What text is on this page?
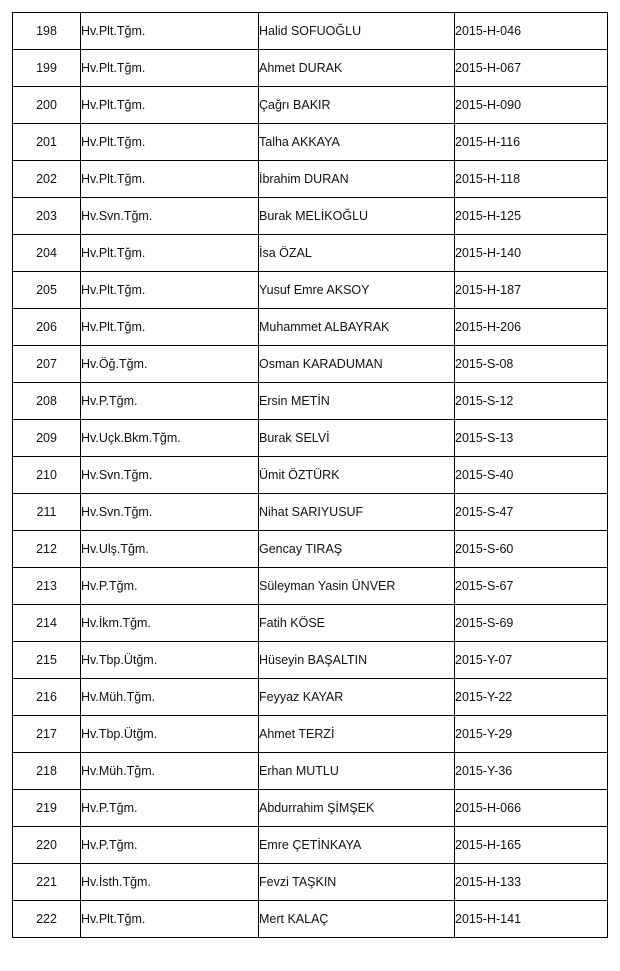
198	Hv.Plt.Tğm.	Halid SOFUOĞLU	2015-H-046
199	Hv.Plt.Tğm.	Ahmet DURAK	2015-H-067
200	Hv.Plt.Tğm.	Çağrı BAKIR	2015-H-090
201	Hv.Plt.Tğm.	Talha AKKAYA	2015-H-116
202	Hv.Plt.Tğm.	İbrahim DURAN	2015-H-118
203	Hv.Svn.Tğm.	Burak MELİKOĞLU	2015-H-125
204	Hv.Plt.Tğm.	İsa ÖZAL	2015-H-140
205	Hv.Plt.Tğm.	Yusuf Emre AKSOY	2015-H-187
206	Hv.Plt.Tğm.	Muhammet ALBAYRAK	2015-H-206
207	Hv.Öğ.Tğm.	Osman KARADUMAN	2015-S-08
208	Hv.P.Tğm.	Ersin METİN	2015-S-12
209	Hv.Uçk.Bkm.Tğm.	Burak SELVİ	2015-S-13
210	Hv.Svn.Tğm.	Ümit ÖZTÜRK	2015-S-40
211	Hv.Svn.Tğm.	Nihat SARIYUSUF	2015-S-47
212	Hv.Ulş.Tğm.	Gencay TIRAŞ	2015-S-60
213	Hv.P.Tğm.	Süleyman Yasin ÜNVER	2015-S-67
214	Hv.İkm.Tğm.	Fatih KÖSE	2015-S-69
215	Hv.Tbp.Ütğm.	Hüseyin BAŞALTIN	2015-Y-07
216	Hv.Müh.Tğm.	Feyyaz KAYAR	2015-Y-22
217	Hv.Tbp.Ütğm.	Ahmet TERZİ	2015-Y-29
218	Hv.Müh.Tğm.	Erhan MUTLU	2015-Y-36
219	Hv.P.Tğm.	Abdurrahim ŞİMŞEK	2015-H-066
220	Hv.P.Tğm.	Emre ÇETİNKAYA	2015-H-165
221	Hv.İsth.Tğm.	Fevzi TAŞKIN	2015-H-133
222	Hv.Plt.Tğm.	Mert KALAÇ	2015-H-141
